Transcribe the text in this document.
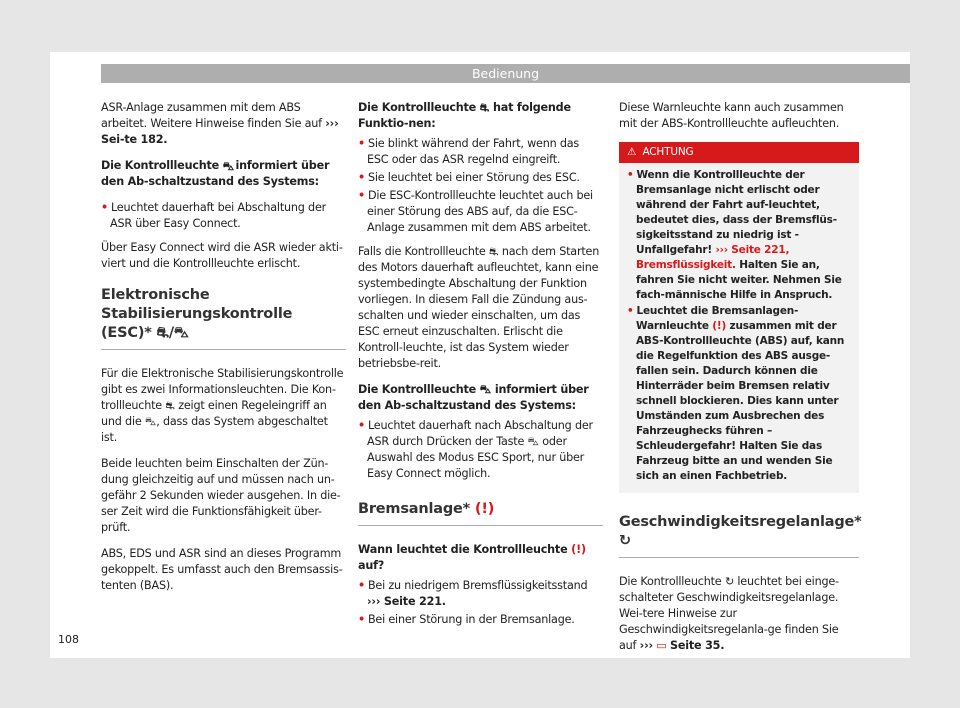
Bedienung

ASR-Anlage zusammen mit dem ABS arbeitet. Weitere Hinweise finden Sie auf ››› Sei-te 182.

Die Kontrollleuchte ⛍ informiert über den Ab-schaltzustand des Systems:

• Leuchtet dauerhaft bei Abschaltung der ASR über Easy Connect.

Über Easy Connect wird die ASR wieder akti-viert und die Kontrollleuchte erlischt.

Elektronische Stabilisierungskontrolle (ESC)* ⛐/⛍

Für die Elektronische Stabilisierungskontrolle gibt es zwei Informationsleuchten. Die Kon-trollleuchte ⛐ zeigt einen Regeleingriff an und die ⛍, dass das System abgeschaltet ist.

Beide leuchten beim Einschalten der Zün-dung gleichzeitig auf und müssen nach un-gefähr 2 Sekunden wieder ausgehen. In die-ser Zeit wird die Funktionsfähigkeit über-prüft.

ABS, EDS und ASR sind an dieses Programm gekoppelt. Es umfasst auch den Bremsassis-tenten (BAS).

Die Kontrollleuchte ⛐ hat folgende Funktio-nen:

• Sie blinkt während der Fahrt, wenn das ESC oder das ASR regelnd eingreift.
• Sie leuchtet bei einer Störung des ESC.
• Die ESC-Kontrollleuchte leuchtet auch bei einer Störung des ABS auf, da die ESC-Anlage zusammen mit dem ABS arbeitet.

Falls die Kontrollleuchte ⛐ nach dem Starten des Motors dauerhaft aufleuchtet, kann eine systembedingte Abschaltung der Funktion vorliegen. In diesem Fall die Zündung aus-schalten und wieder einschalten, um das ESC erneut einzuschalten. Erlischt die Kontroll-leuchte, ist das System wieder betriebsbe-reit.

Die Kontrollleuchte ⛍ informiert über den Ab-schaltzustand des Systems:

• Leuchtet dauerhaft nach Abschaltung der ASR durch Drücken der Taste ⛍ oder Auswahl des Modus ESC Sport, nur über Easy Connect möglich.
Bremsanlage* (!)

Wann leuchtet die Kontrollleuchte (!) auf?

• Bei zu niedrigem Bremsflüssigkeitsstand ››› Seite 221.
• Bei einer Störung in der Bremsanlage.

Diese Warnleuchte kann auch zusammen mit der ABS-Kontrollleuchte aufleuchten.

⚠ ACHTUNG
• Wenn die Kontrollleuchte der Bremsanlage nicht erlischt oder während der Fahrt auf-leuchtet, bedeutet dies, dass der Bremsflüs-sigkeitsstand zu niedrig ist - Unfallgefahr! ››› Seite 221, Bremsflüssigkeit. Halten Sie an, fahren Sie nicht weiter. Nehmen Sie fach-männische Hilfe in Anspruch.
• Leuchtet die Bremsanlagen-Warnleuchte (!) zusammen mit der ABS-Kontrollleuchte (ABS) auf, kann die Regelfunktion des ABS ausge-fallen sein. Dadurch können die Hinterräder beim Bremsen relativ schnell blockieren. Dies kann unter Umständen zum Ausbrechen des Fahrzeughecks führen – Schleudergefahr! Halten Sie das Fahrzeug bitte an und wenden Sie sich an einen Fachbetrieb.
Geschwindigkeitsregelanlage* ↻

Die Kontrollleuchte ↻ leuchtet bei einge-schalteter Geschwindigkeitsregelanlage. Wei-tere Hinweise zur Geschwindigkeitsregelanla-ge finden Sie auf ››› ▭ Seite 35.

108
